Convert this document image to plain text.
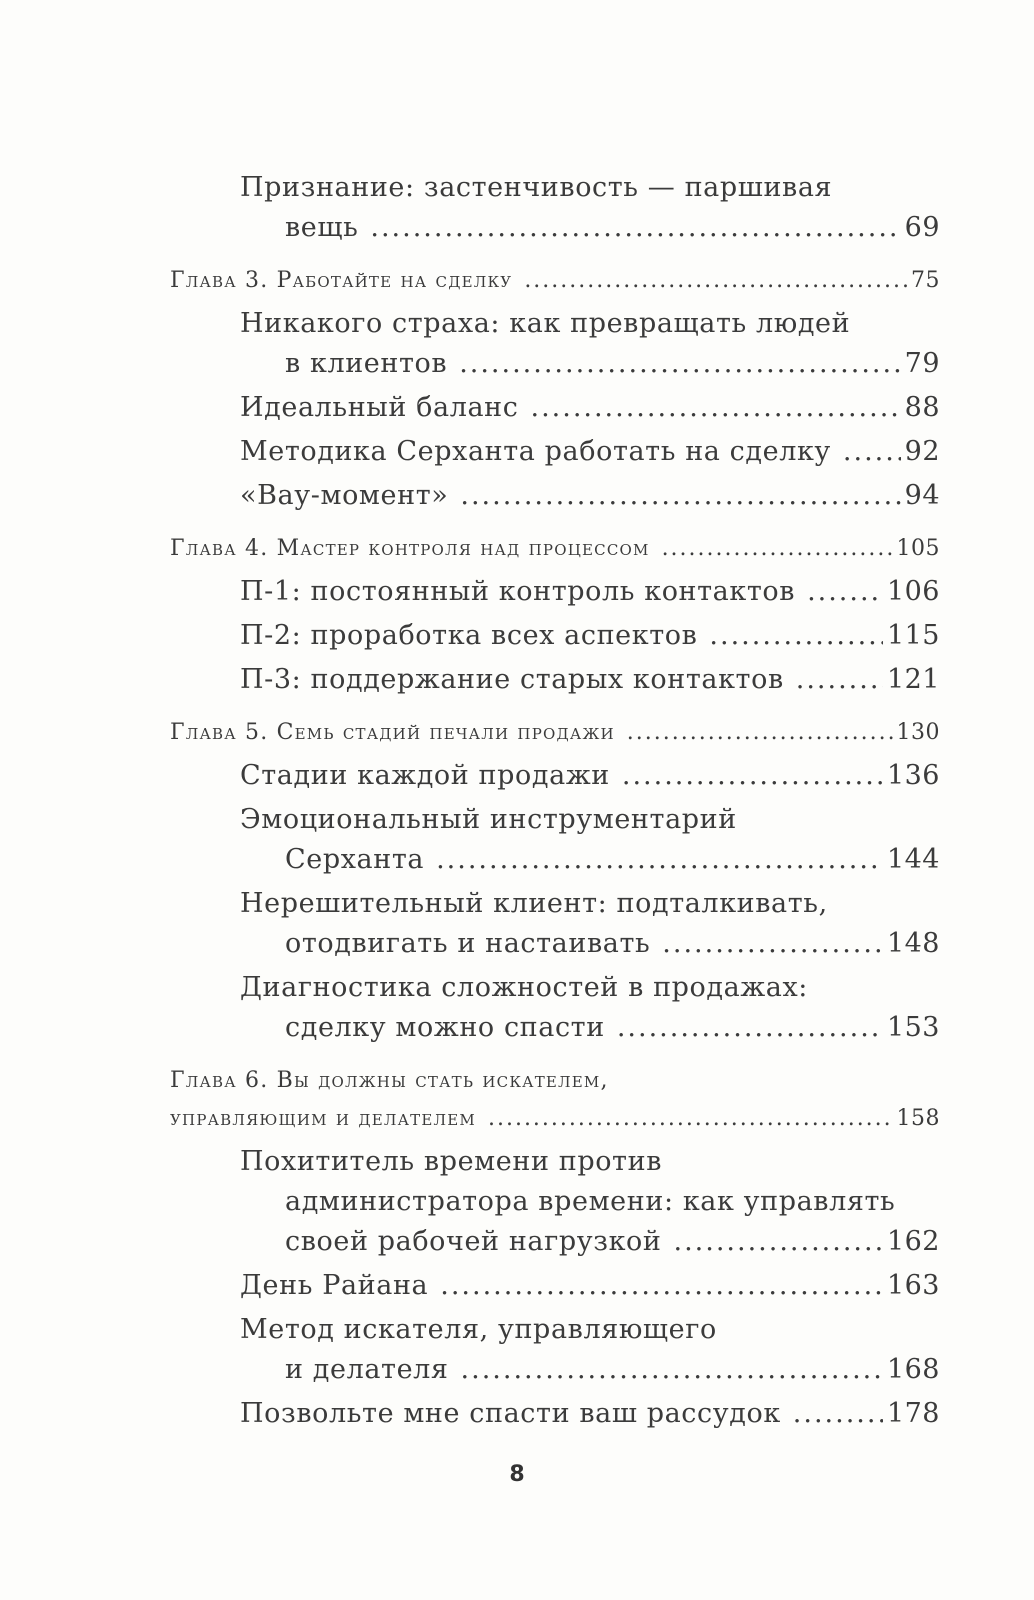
Признание: застенчивость — паршивая
вещь .....	69
Глава 3. Работайте на сделку .....	75
Никакого страха: как превращать людей
в клиентов .....	79
Идеальный баланс .....	88
Методика Серханта работать на сделку .....	92
«Вау-момент» .....	94
Глава 4. Мастер контроля над процессом .....	105
П-1: постоянный контроль контактов .....	106
П-2: проработка всех аспектов .....	115
П-3: поддержание старых контактов .....	121
Глава 5. Семь стадий печали продажи .....	130
Стадии каждой продажи .....	136
Эмоциональный инструментарий
Серханта .....	144
Нерешительный клиент: подталкивать,
отодвигать и настаивать .....	148
Диагностика сложностей в продажах:
сделку можно спасти .....	153
Глава 6. Вы должны стать искателем,
управляющим и делателем .....	158
Похититель времени против
администратора времени: как управлять
своей рабочей нагрузкой .....	162
День Райана .....	163
Метод искателя, управляющего
и делателя .....	168
Позвольте мне спасти ваш рассудок .....	178
8
